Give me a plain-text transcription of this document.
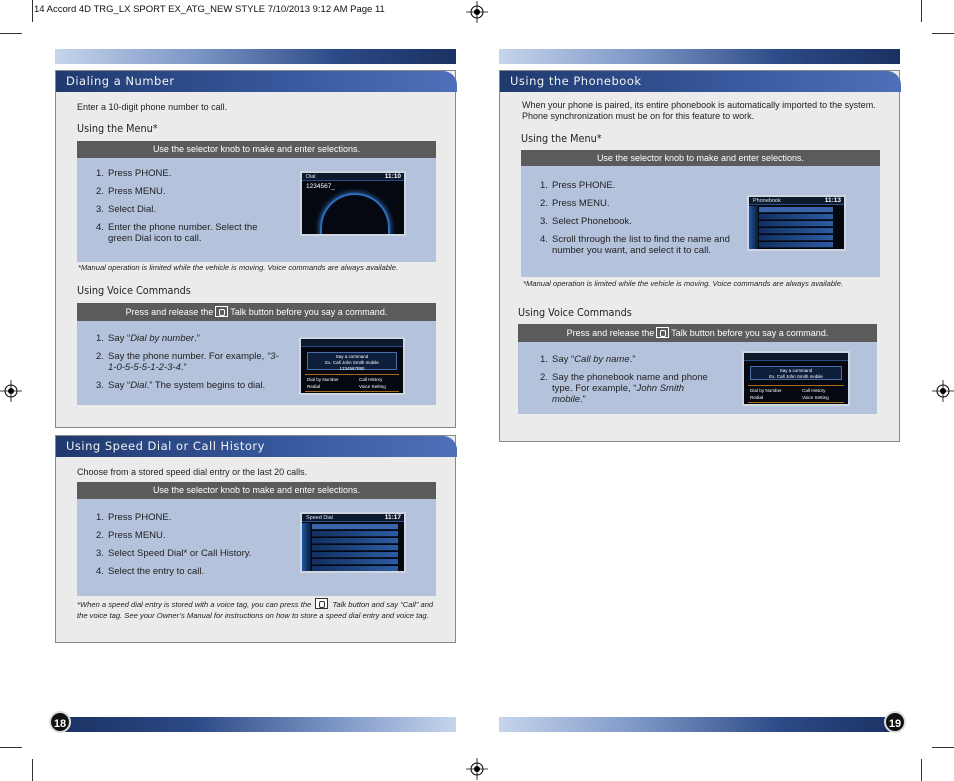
14 Accord 4D TRG_LX SPORT EX_ATG_NEW STYLE 7/10/2013 9:12 AM Page 11
18	19
Dialing a Number
Enter a 10-digit phone number to call.
Using the Menu*
Use the selector knob to make and enter selections.
1. Press PHONE.
2. Press MENU.
3. Select Dial.
4. Enter the phone number. Select the green Dial icon to call.
Dial	11:10
1234567_
*Manual operation is limited while the vehicle is moving. Voice commands are always available.
Using Voice Commands
Press and release the Talk button before you say a command.
1. Say “Dial by number.”
2. Say the phone number. For example, “3-1-0-5-5-5-1-2-3-4.”
3. Say “Dial.” The system begins to dial.
Say a command
Ex. Call John Smith mobile
1234567890
Dial by Number
Redial
Call History
Voice Setting
Using Speed Dial or Call History
Choose from a stored speed dial entry or the last 20 calls.
Use the selector knob to make and enter selections.
1. Press PHONE.
2. Press MENU.
3. Select Speed Dial* or Call History.
4. Select the entry to call.
Speed Dial	11:17
*When a speed dial entry is stored with a voice tag, you can press the	Talk button and say “Call” and the voice tag. See your Owner’s Manual for instructions on how to store a speed dial entry and voice tag.
Using the Phonebook
When your phone is paired, its entire phonebook is automatically imported to the system. Phone synchronization must be on for this feature to work.
Using the Menu*
Use the selector knob to make and enter selections.
1. Press PHONE.
2. Press MENU.
3. Select Phonebook.
4. Scroll through the list to find the name and number you want, and select it to call.
Phonebook	11:13
*Manual operation is limited while the vehicle is moving. Voice commands are always available.
Using Voice Commands
Press and release the Talk button before you say a command.
1. Say “Call by name.”
2. Say the phonebook name and phone type. For example, “John Smith mobile.”
Say a command
Ex. Call John Smith mobile
Dial by Number
Redial
Call History
Voice Setting
